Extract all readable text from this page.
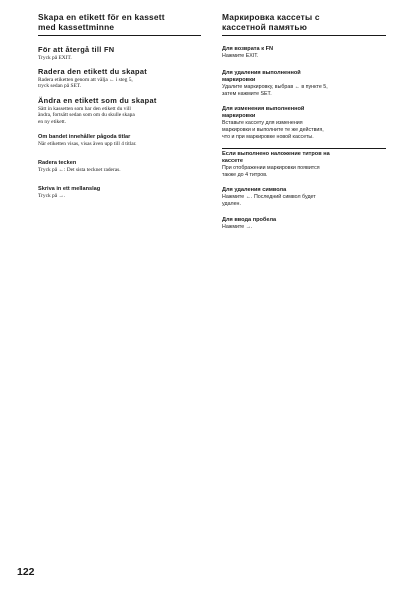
Skapa en etikett för en kassett
med kassettminne
För att återgå till FN
Tryck på EXIT.
Radera den etikett du skapat
Radera etiketten genom att välja ← i steg 5,
tryck sedan på SET.
Ändra en etikett som du skapat
Sätt in kassetten som har den etikett du vill
ändra, fortsätt sedan som om du skulle skapa
en ny etikett.
Om bandet innehåller pågoda titlar
När etiketten visas, visas även upp till 4 titlar.
Radera tecken
Tryck på ←: Det sista tecknet raderas.
Skriva in ett mellanslag
Tryck på →.
Маркировка кассеты с
кассетной памятью
Для возврата к FN
Нажмите EXIT.
Для удаления выполненной
маркировки
Удалите маркировку, выбрав ← в пункте 5,
затем нажмите SET.
Для изменения выполненной
маркировки
Вставьте кассету для изменения
маркировки и выполните те же действия,
что и при маркировке новой кассеты.
Если выполнено наложение титров на
кассете
При отображении маркировки появится
также до 4 титров.
Для удаления символа
Нажмите ←. Последний символ будет
удален.
Для ввода пробела
Нажмите →.
122
